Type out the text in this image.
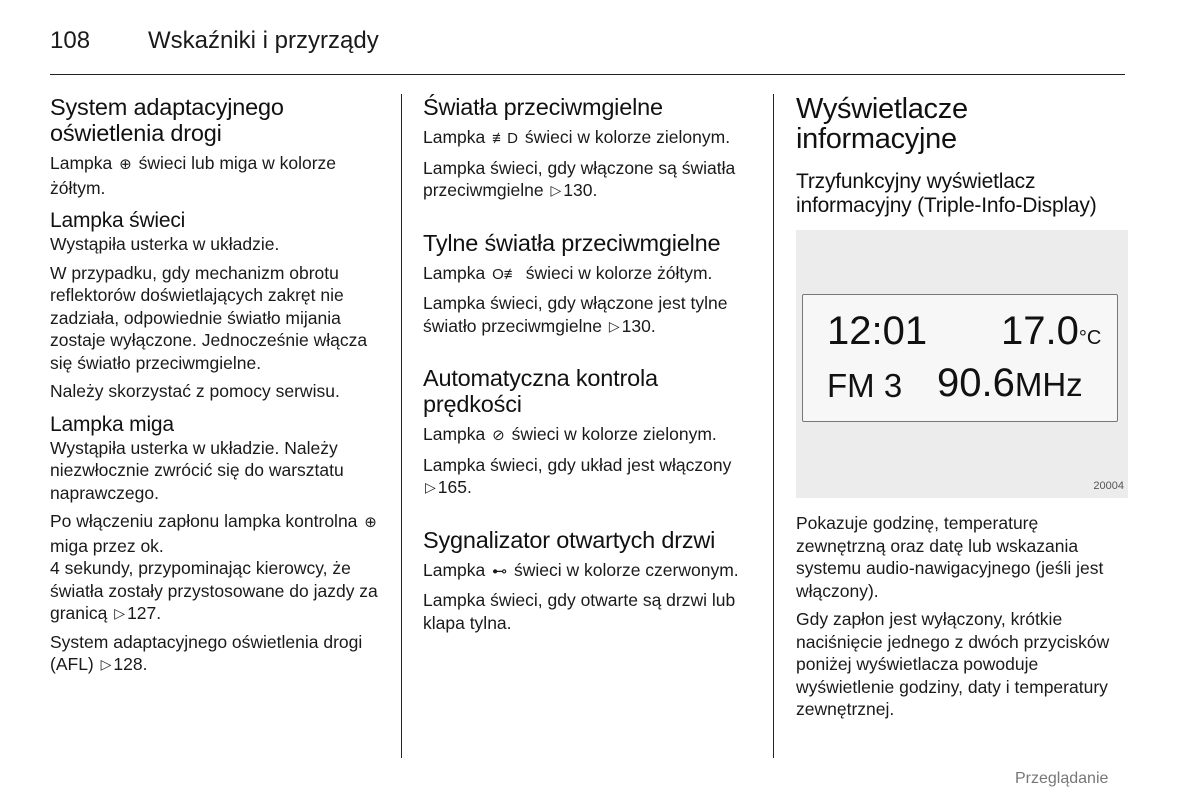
108 Wskaźniki i przyrządy
System adaptacyjnego oświetlenia drogi

Lampka ⊕ świeci lub miga w kolorze żółtym.

Lampka świeci

Wystąpiła usterka w układzie.

W przypadku, gdy mechanizm obrotu reflektorów doświetlających zakręt nie zadziała, odpowiednie światło mijania zostaje wyłączone. Jednocześnie włącza się światło przeciwmgielne.

Należy skorzystać z pomocy serwisu.

Lampka miga

Wystąpiła usterka w układzie. Należy niezwłocznie zwrócić się do warsztatu naprawczego.

Po włączeniu zapłonu lampka kontrolna ⊕ miga przez ok.
4 sekundy, przypominając kierowcy, że światła zostały przystosowane do jazdy za granicą ▷ 127.

System adaptacyjnego oświetlenia drogi (AFL) ▷ 128.

Światła przeciwmgielne

Lampka ≢D świeci w kolorze zielonym.

Lampka świeci, gdy włączone są światła przeciwmgielne ▷ 130.

Tylne światła przeciwmgielne

Lampka O≢ świeci w kolorze żółtym.

Lampka świeci, gdy włączone jest tylne światło przeciwmgielne ▷ 130.

Automatyczna kontrola prędkości

Lampka ⊘ świeci w kolorze zielonym.

Lampka świeci, gdy układ jest włączony ▷ 165.

Sygnalizator otwartych drzwi

Lampka ⊷ świeci w kolorze czerwonym.

Lampka świeci, gdy otwarte są drzwi lub klapa tylna.

Wyświetlacze informacyjne
Trzyfunkcyjny wyświetlacz informacyjny (Triple-Info-Display)
12:01 17.0°C
FM 3 90.6MHz
20004

Pokazuje godzinę, temperaturę zewnętrzną oraz datę lub wskazania systemu audio-nawigacyjnego (jeśli jest włączony).

Gdy zapłon jest wyłączony, krótkie naciśnięcie jednego z dwóch przycisków poniżej wyświetlacza powoduje wyświetlenie godziny, daty i temperatury zewnętrznej.

Przeglądanie
